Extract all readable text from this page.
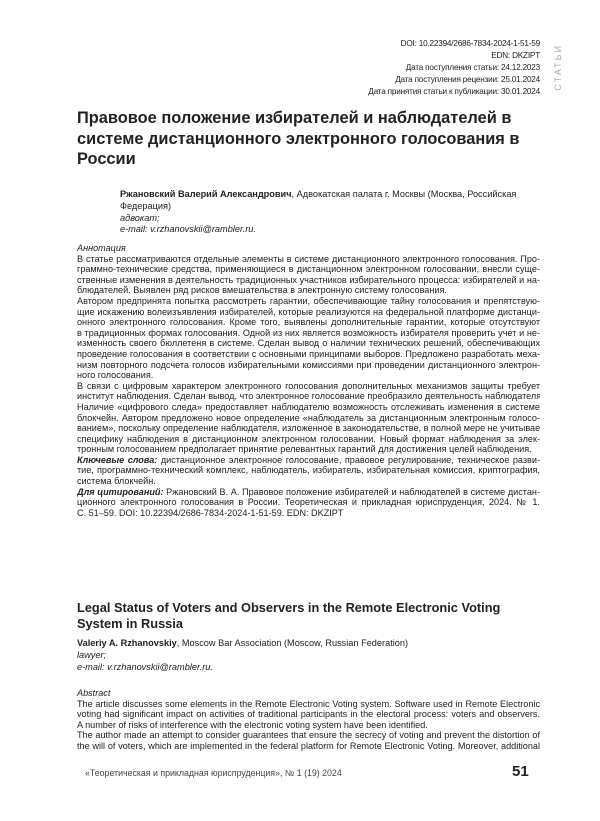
DOI: 10.22394/2686-7834-2024-1-51-59
EDN: DKZIPT
Дата поступления статьи: 24.12.2023
Дата поступления рецензии: 25.01.2024
Дата принятия статьи к публикации: 30.01.2024
СТАТЬИ
Правовое положение избирателей и наблюдателей в системе дистанционного электронного голосования в России
Ржановский Валерий Александрович, Адвокатская палата г. Москвы (Москва, Российская Федерация)
адвокат;
e-mail: v.rzhanovskii@rambler.ru.
Аннотация
В статье рассматриваются отдельные элементы в системе дистанционного электронного голосования. Про-
граммно-технические средства, применяющиеся в дистанционном электронном голосовании, внесли суще-
ственные изменения в деятельность традиционных участников избирательного процесса: избирателей и на-
блюдателей. Выявлен ряд рисков вмешательства в электронную систему голосования.
Автором предпринята попытка рассмотреть гарантии, обеспечивающие тайну голосования и препятствую-
щие искажению волеизъявления избирателей, которые реализуются на федеральной платформе дистанци-
онного электронного голосования. Кроме того, выявлены дополнительные гарантии, которые отсутствуют
в традиционных формах голосования. Одной из них является возможность избирателя проверить учет и не-
изменность своего бюллетеня в системе. Сделан вывод о наличии технических решений, обеспечивающих
проведение голосования в соответствии с основными принципами выборов. Предложено разработать меха-
низм повторного подсчета голосов избирательными комиссиями при проведении дистанционного электрон-
ного голосования.
В связи с цифровым характером электронного голосования дополнительных механизмов защиты требует
институт наблюдения. Сделан вывод, что электронное голосование преобразило деятельность наблюдателя.
Наличие «цифрового следа» предоставляет наблюдателю возможность отслеживать изменения в системе
блокчейн. Автором предложено новое определение «наблюдатель за дистанционным электронным голосо-
ванием», поскольку определение наблюдателя, изложенное в законодательстве, в полной мере не учитывает
специфику наблюдения в дистанционном электронном голосовании. Новый формат наблюдения за элек-
тронным голосованием предполагает принятие релевантных гарантий для достижения целей наблюдения.
Ключевые слова: дистанционное электронное голосование, правовое регулирование, техническое разви-
тие, программно-технический комплекс, наблюдатель, избиратель, избирательная комиссия, криптография,
система блокчейн.
Для цитирований: Ржановский В. А. Правовое положение избирателей и наблюдателей в системе дистан-
ционного электронного голосования в России. Теоретическая и прикладная юриспруденция, 2024. № 1.
С. 51–59. DOI: 10.22394/2686-7834-2024-1-51-59. EDN: DKZIPT
Legal Status of Voters and Observers in the Remote Electronic Voting System in Russia
Valeriy A. Rzhanovskiy, Moscow Bar Association (Moscow, Russian Federation)
lawyer;
e-mail: v.rzhanovskii@rambler.ru.
Abstract
The article discusses some elements in the Remote Electronic Voting system. Software used in Remote Electronic
voting had significant impact on activities of traditional participants in the electoral process: voters and observers.
A number of risks of interference with the electronic voting system have been identified.
The author made an attempt to consider guarantees that ensure the secrecy of voting and prevent the distortion of
the will of voters, which are implemented in the federal platform for Remote Electronic Voting. Moreover, additional
«Теоретическая и прикладная юриспруденция», № 1 (19) 2024	51
